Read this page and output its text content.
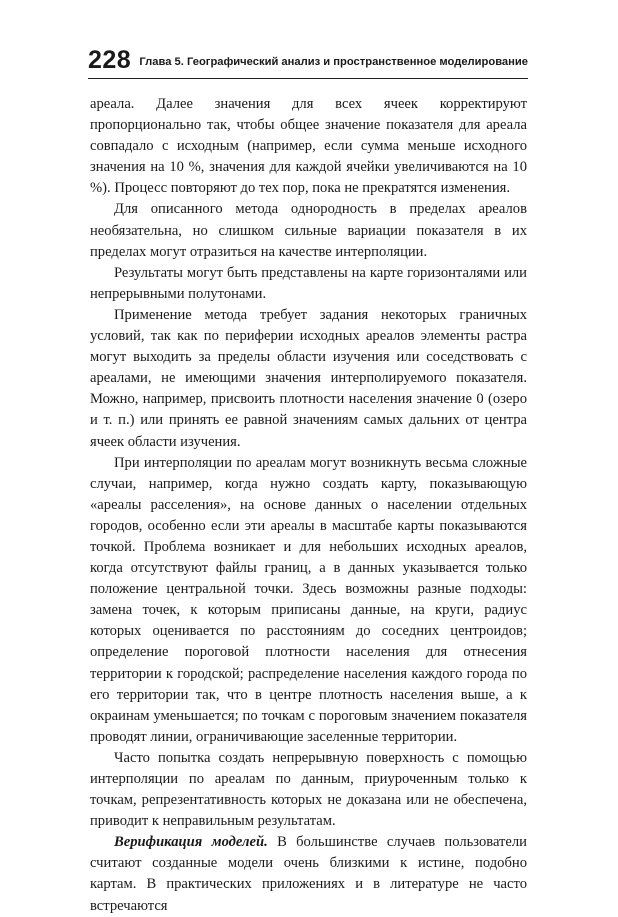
228 Глава 5. Географический анализ и пространственное моделирование

ареала. Далее значения для всех ячеек корректируют пропорционально так, чтобы общее значение показателя для ареала совпадало с исходным (например, если сумма меньше исходного значения на 10 %, значения для каждой ячейки увеличиваются на 10 %). Процесс повторяют до тех пор, пока не прекратятся изменения.

Для описанного метода однородность в пределах ареалов необязательна, но слишком сильные вариации показателя в их пределах могут отразиться на качестве интерполяции.

Результаты могут быть представлены на карте горизонталями или непрерывными полутонами.

Применение метода требует задания некоторых граничных условий, так как по периферии исходных ареалов элементы растра могут выходить за пределы области изучения или соседствовать с ареалами, не имеющими значения интерполируемого показателя. Можно, например, присвоить плотности населения значение 0 (озеро и т. п.) или принять ее равной значениям самых дальних от центра ячеек области изучения.

При интерполяции по ареалам могут возникнуть весьма сложные случаи, например, когда нужно создать карту, показывающую «ареалы расселения», на основе данных о населении отдельных городов, особенно если эти ареалы в масштабе карты показываются точкой. Проблема возникает и для небольших исходных ареалов, когда отсутствуют файлы границ, а в данных указывается только положение центральной точки. Здесь возможны разные подходы: замена точек, к которым приписаны данные, на круги, радиус которых оценивается по расстояниям до соседних центроидов; определение пороговой плотности населения для отнесения территории к городской; распределение населения каждого города по его территории так, что в центре плотность населения выше, а к окраинам уменьшается; по точкам с пороговым значением показателя проводят линии, ограничивающие заселенные территории.

Часто попытка создать непрерывную поверхность с помощью интерполяции по ареалам по данным, приуроченным только к точкам, репрезентативность которых не доказана или не обеспечена, приводит к неправильным результатам.

Верификация моделей. В большинстве случаев пользователи считают созданные модели очень близкими к истине, подобно картам. В практических приложениях и в литературе не часто встречаются
